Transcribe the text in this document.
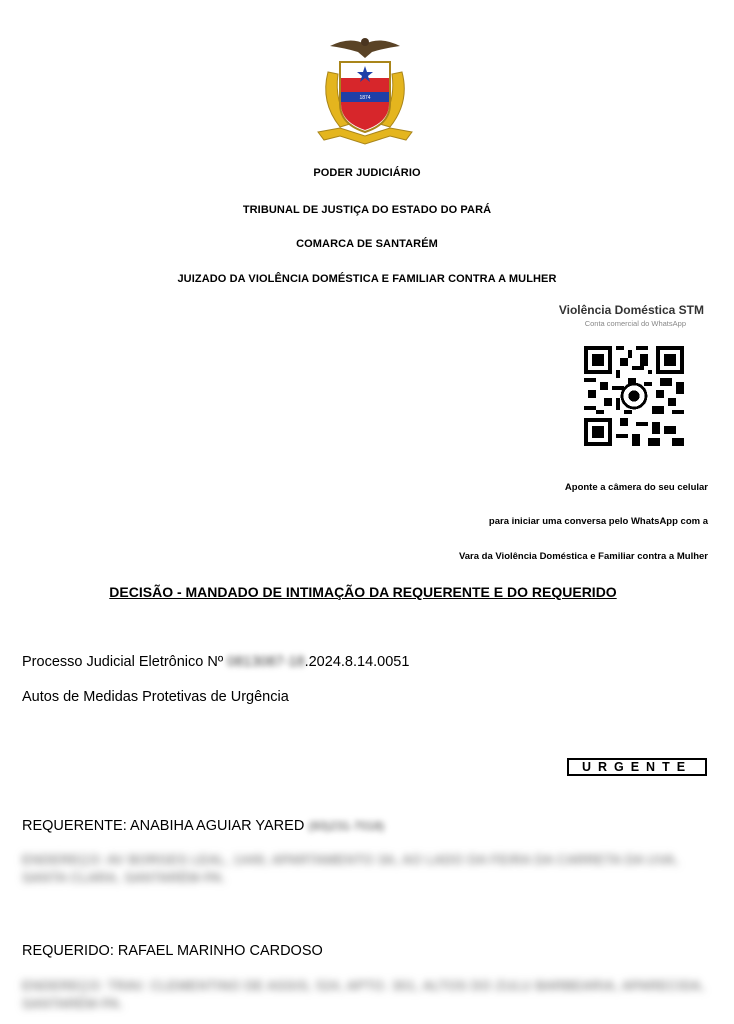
1874
PODER JUDICIÁRIO
TRIBUNAL DE JUSTIÇA DO ESTADO DO PARÁ
COMARCA DE SANTARÉM
JUIZADO DA VIOLÊNCIA DOMÉSTICA E FAMILIAR CONTRA A MULHER
Violência Doméstica STM
Conta comercial do WhatsApp
Aponte a câmera do seu celular
para iniciar uma conversa pelo WhatsApp com a
Vara da Violência Doméstica e Familiar contra a Mulher
DECISÃO - MANDADO DE INTIMAÇÃO DA REQUERENTE E DO REQUERIDO
Processo Judicial Eletrônico Nº 0813087-18.2024.8.14.0051
Autos de Medidas Protetivas de Urgência
URGENTE
REQUERENTE: ANABIHA AGUIAR YARED (93)231-7018)
ENDEREÇO: AV BORGES LEAL, 1449, APARTAMENTO 3A, AO LADO DA FEIRA DA CARRETA DA UVA, SANTA CLARA, SANTARÉM-PA.
REQUERIDO: RAFAEL MARINHO CARDOSO
ENDEREÇO: TRAV. CLEMENTINO DE ASSIS, 524, APTO. 301, ALTOS DO ZULU BARBEARIA, APARECIDA, SANTARÉM-PA.
